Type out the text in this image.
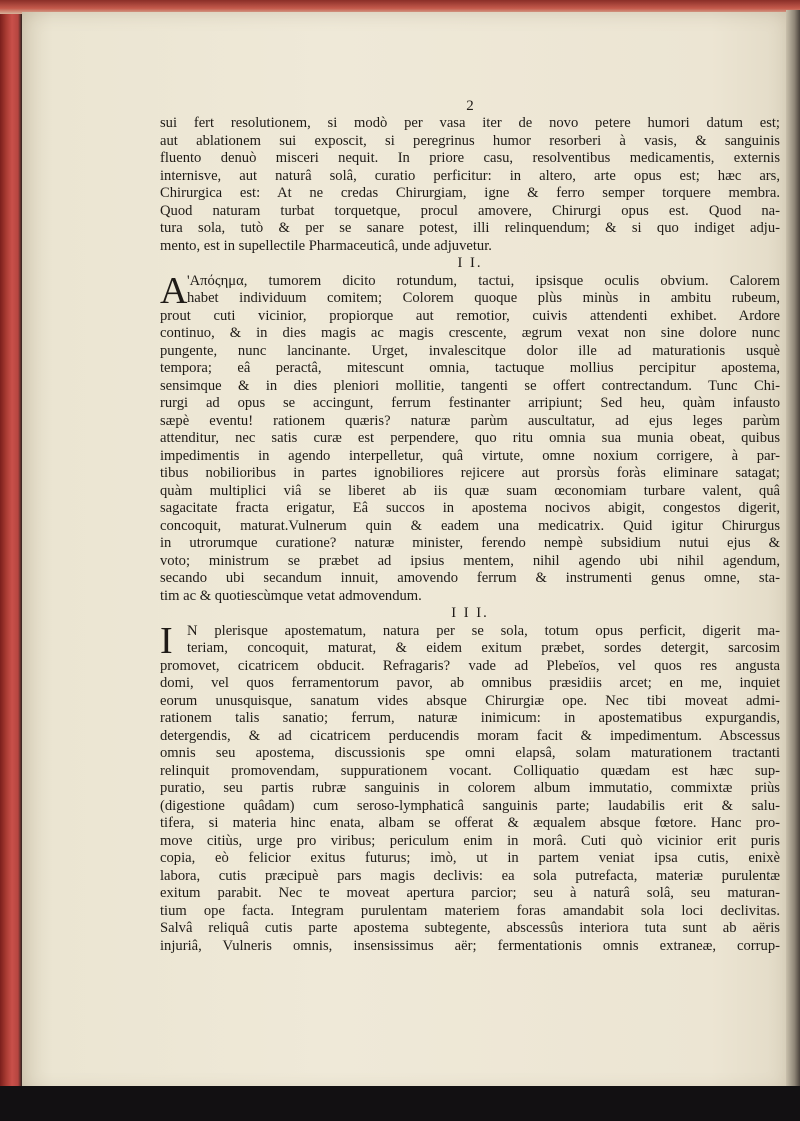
2
sui fert resolutionem, si modò per vasa iter de novo petere humori datum est;
aut ablationem sui exposcit, si peregrinus humor resorberi à vasis, & sanguinis
fluento denuò misceri nequit. In priore casu, resolventibus medicamentis, externis
internisve, aut naturâ solâ, curatio perficitur: in altero, arte opus est; hæc ars,
Chirurgica est: At ne credas Chirurgiam, igne & ferro semper torquere membra.
Quod naturam turbat torquetque, procul amovere, Chirurgi opus est. Quod na-
tura sola, tutò & per se sanare potest, illi relinquendum; & si quo indiget adju-
mento, est in supellectile Pharmaceuticâ, unde adjuvetur.
I I.
A 'Απόςημα, tumorem dicito rotundum, tactui, ipsisque oculis obvium. Calorem
habet individuum comitem; Colorem quoque plùs minùs in ambitu rubeum,
prout cuti vicinior, propiorque aut remotior, cuivis attendenti exhibet. Ardore
continuo, & in dies magis ac magis crescente, ægrum vexat non sine dolore nunc
pungente, nunc lancinante. Urget, invalescitque dolor ille ad maturationis usquè
tempora; eâ peractâ, mitescunt omnia, tactuque mollius percipitur apostema,
sensimque & in dies pleniori mollitie, tangenti se offert contrectandum. Tunc Chi-
rurgi ad opus se accingunt, ferrum festinanter arripiunt; Sed heu, quàm infausto
sæpè eventu! rationem quæris? naturæ parùm auscultatur, ad ejus leges parùm
attenditur, nec satis curæ est perpendere, quo ritu omnia sua munia obeat, quibus
impedimentis in agendo interpelletur, quâ virtute, omne noxium corrigere, à par-
tibus nobilioribus in partes ignobiliores rejicere aut prorsùs foràs eliminare satagat;
quàm multiplici viâ se liberet ab iis quæ suam œconomiam turbare valent, quâ
sagacitate fracta erigatur, Eâ succos in apostema nocivos abigit, congestos digerit,
concoquit, maturat.Vulnerum quin & eadem una medicatrix. Quid igitur Chirurgus
in utrorumque curatione? naturæ minister, ferendo nempè subsidium nutui ejus &
voto; ministrum se præbet ad ipsius mentem, nihil agendo ubi nihil agendum,
secando ubi secandum innuit, amovendo ferrum & instrumenti genus omne, sta-
tim ac & quotiescùmque vetat admovendum.
I I I.
I N plerisque apostematum, natura per se sola, totum opus perficit, digerit ma-
teriam, concoquit, maturat, & eidem exitum præbet, sordes detergit, sarcosim
promovet, cicatricem obducit. Refragaris? vade ad Plebeïos, vel quos res angusta
domi, vel quos ferramentorum pavor, ab omnibus præsidiis arcet; en me, inquiet
eorum unusquisque, sanatum vides absque Chirurgiæ ope. Nec tibi moveat admi-
rationem talis sanatio; ferrum, naturæ inimicum: in apostematibus expurgandis,
detergendis, & ad cicatricem perducendis moram facit & impedimentum. Abscessus
omnis seu apostema, discussionis spe omni elapsâ, solam maturationem tractanti
relinquit promovendam, suppurationem vocant. Colliquatio quædam est hæc sup-
puratio, seu partis rubræ sanguinis in colorem album immutatio, commixtæ priùs
(digestione quâdam) cum seroso-lymphaticâ sanguinis parte; laudabilis erit & salu-
tifera, si materia hinc enata, albam se offerat & æqualem absque fœtore. Hanc pro-
move citiùs, urge pro viribus; periculum enim in morâ. Cuti quò vicinior erit puris
copia, eò felicior exitus futurus; imò, ut in partem veniat ipsa cutis, enixè
labora, cutis præcipuè pars magis declivis: ea sola putrefacta, materiæ purulentæ
exitum parabit. Nec te moveat apertura parcior; seu à naturâ solâ, seu maturan-
tium ope facta. Integram purulentam materiem foras amandabit sola loci declivitas.
Salvâ reliquâ cutis parte apostema subtegente, abscessûs interiora tuta sunt ab aëris
injuriâ, Vulneris omnis, insensissimus aër; fermentationis omnis extraneæ, corrup-
